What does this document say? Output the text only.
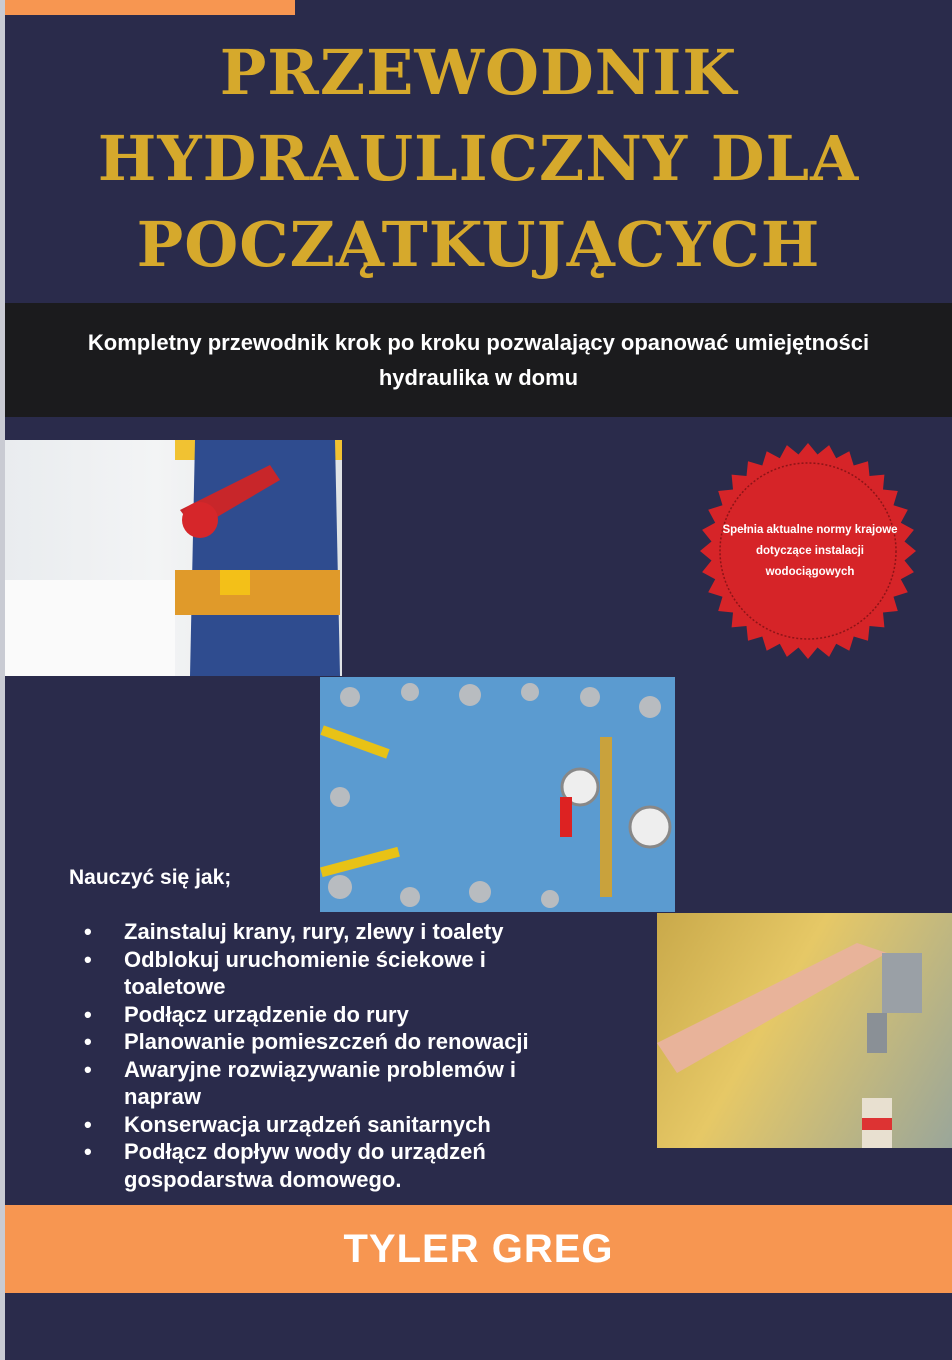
PRZEWODNIK
HYDRAULICZNY DLA
POCZĄTKUJĄCYCH
Kompletny przewodnik krok po kroku pozwalający opanować umiejętności hydraulika w domu
Spełnia aktualne normy krajowe dotyczące instalacji wodociągowych
Nauczyć się jak;
• Zainstaluj krany, rury, zlewy i toalety
• Odblokuj uruchomienie ściekowe i toaletowe
• Podłącz urządzenie do rury
• Planowanie pomieszczeń do renowacji
• Awaryjne rozwiązywanie problemów i napraw
• Konserwacja urządzeń sanitarnych
• Podłącz dopływ wody do urządzeń gospodarstwa domowego.
TYLER GREG
